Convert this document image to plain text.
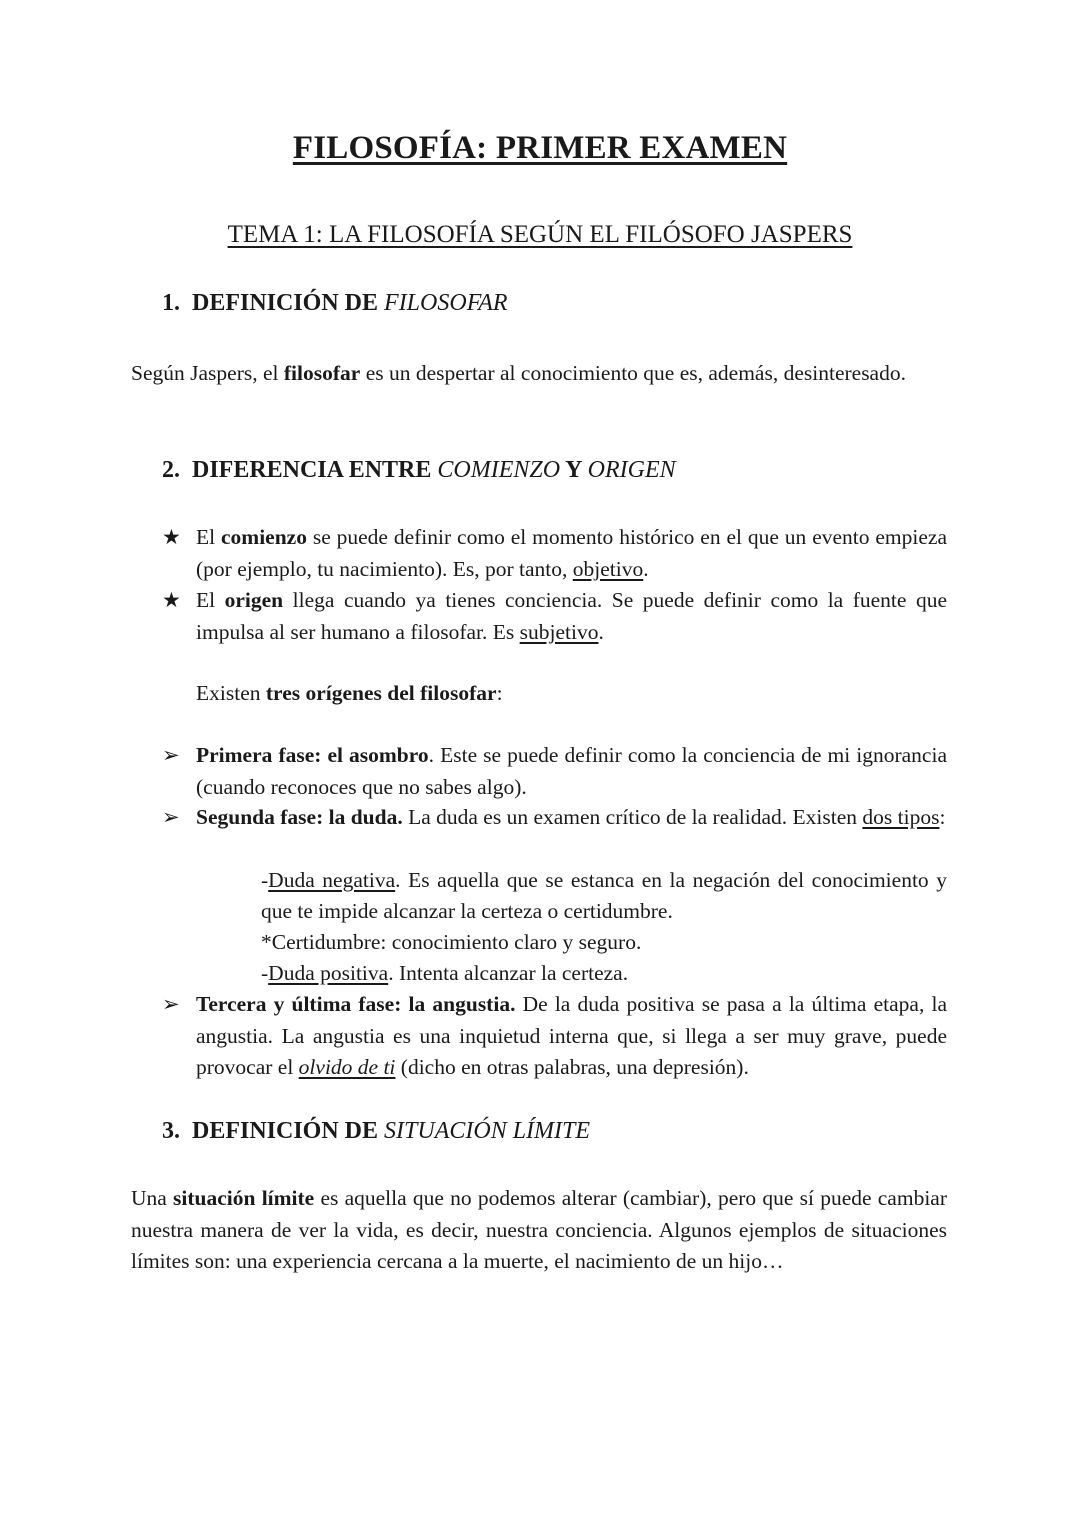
FILOSOFÍA: PRIMER EXAMEN
TEMA 1: LA FILOSOFÍA SEGÚN EL FILÓSOFO JASPERS
1. DEFINICIÓN DE FILOSOFAR
Según Jaspers, el filosofar es un despertar al conocimiento que es, además, desinteresado.
2. DIFERENCIA ENTRE COMIENZO Y ORIGEN
★ El comienzo se puede definir como el momento histórico en el que un evento empieza (por ejemplo, tu nacimiento). Es, por tanto, objetivo.
★ El origen llega cuando ya tienes conciencia. Se puede definir como la fuente que impulsa al ser humano a filosofar. Es subjetivo.
Existen tres orígenes del filosofar:
➢ Primera fase: el asombro. Este se puede definir como la conciencia de mi ignorancia (cuando reconoces que no sabes algo).
➢ Segunda fase: la duda. La duda es un examen crítico de la realidad. Existen dos tipos:
-Duda negativa. Es aquella que se estanca en la negación del conocimiento y que te impide alcanzar la certeza o certidumbre.
*Certidumbre: conocimiento claro y seguro.
-Duda positiva. Intenta alcanzar la certeza.
➢ Tercera y última fase: la angustia. De la duda positiva se pasa a la última etapa, la angustia. La angustia es una inquietud interna que, si llega a ser muy grave, puede provocar el olvido de ti (dicho en otras palabras, una depresión).
3. DEFINICIÓN DE SITUACIÓN LÍMITE
Una situación límite es aquella que no podemos alterar (cambiar), pero que sí puede cambiar nuestra manera de ver la vida, es decir, nuestra conciencia. Algunos ejemplos de situaciones límites son: una experiencia cercana a la muerte, el nacimiento de un hijo…
